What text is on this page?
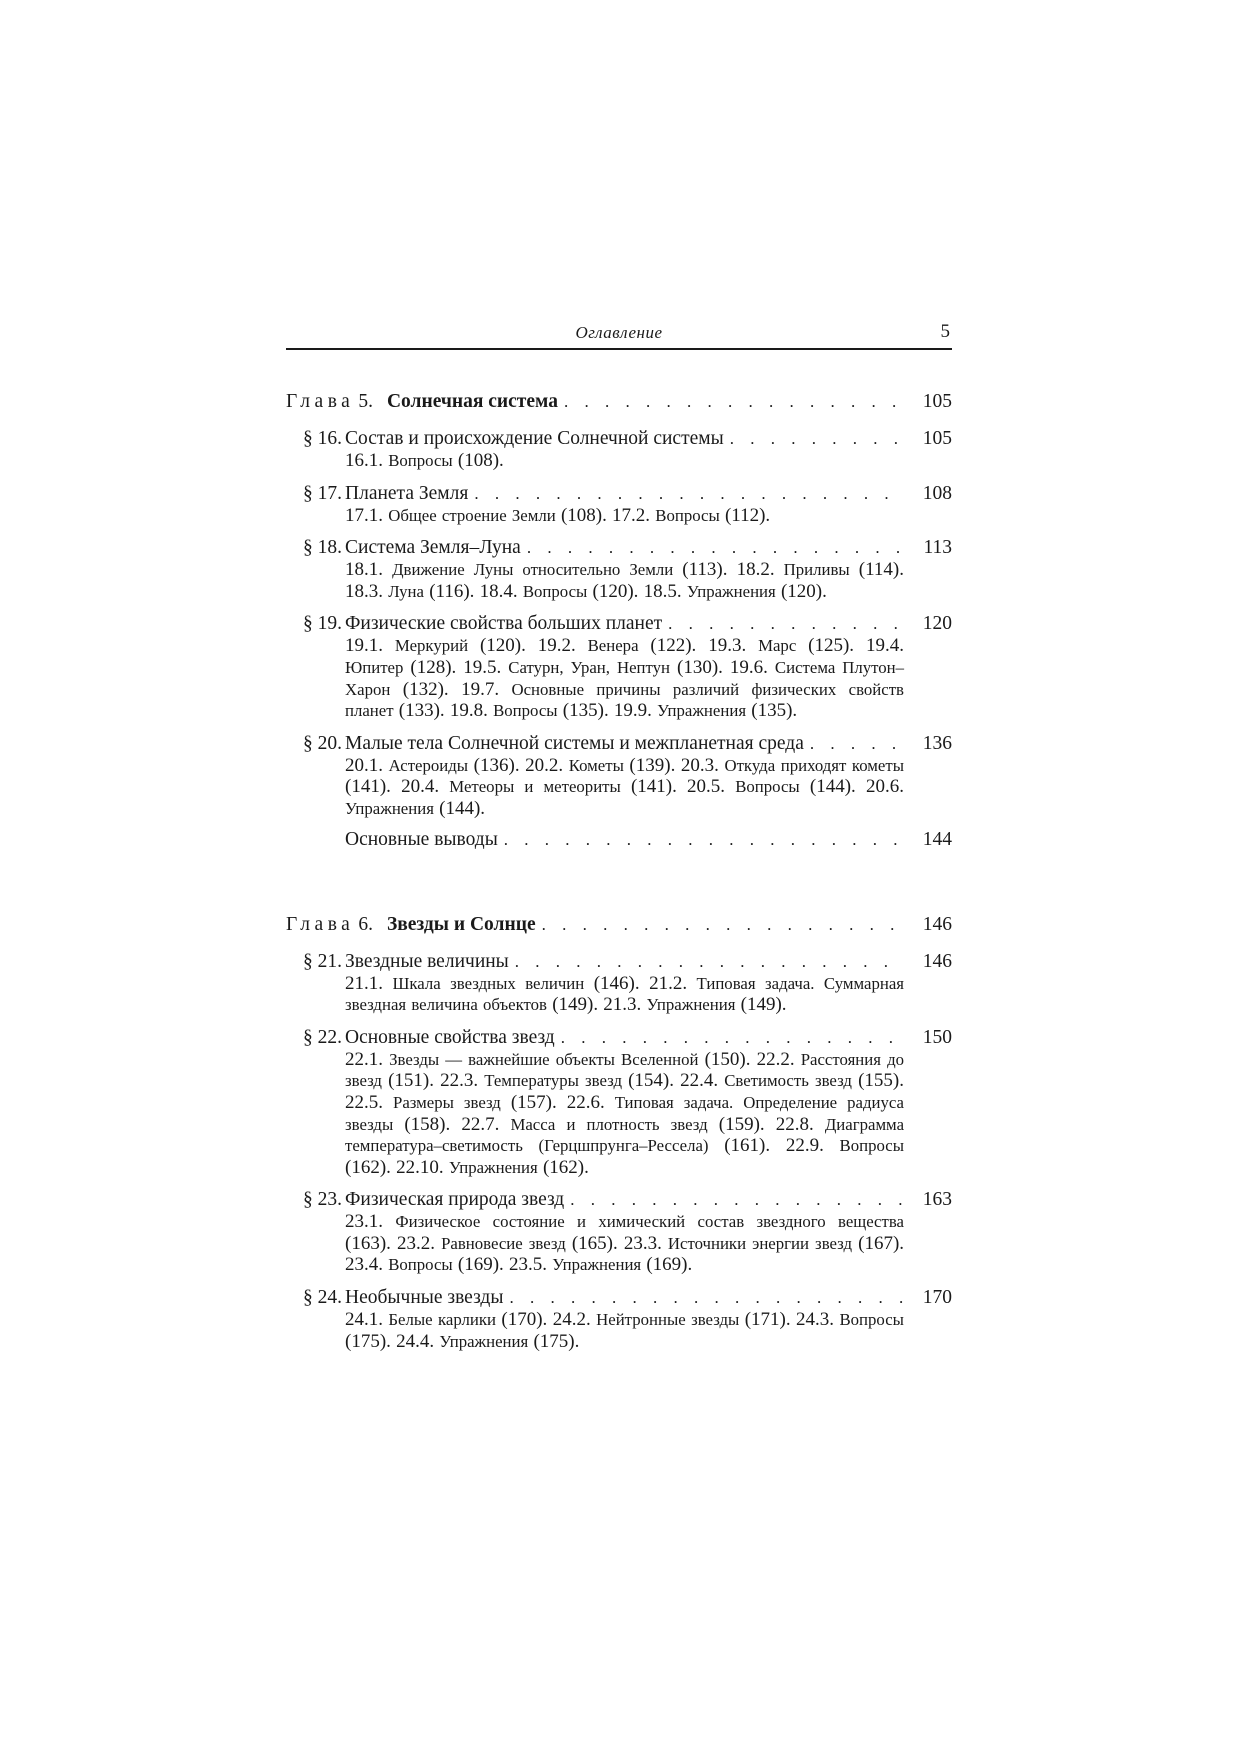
Оглавление	5
Глава 5. Солнечная система . . .	105
§ 16. Состав и происхождение Солнечной системы . . .	105
16.1. Вопросы (108).
§ 17. Планета Земля . . .	108
17.1. Общее строение Земли (108). 17.2. Вопросы (112).
§ 18. Система Земля–Луна . . .	113
18.1. Движение Луны относительно Земли (113). 18.2. Приливы (114). 18.3. Луна (116). 18.4. Вопросы (120). 18.5. Упражнения (120).
§ 19. Физические свойства больших планет . . .	120
19.1. Меркурий (120). 19.2. Венера (122). 19.3. Марс (125). 19.4. Юпитер (128). 19.5. Сатурн, Уран, Нептун (130). 19.6. Система Плутон–Харон (132). 19.7. Основные причины различий физических свойств планет (133). 19.8. Вопросы (135). 19.9. Упражнения (135).
§ 20. Малые тела Солнечной системы и межпланетная среда . . .	136
20.1. Астероиды (136). 20.2. Кометы (139). 20.3. Откуда приходят кометы (141). 20.4. Метеоры и метеориты (141). 20.5. Вопросы (144). 20.6. Упражнения (144).
Основные выводы . . .	144
Глава 6. Звезды и Солнце . . .	146
§ 21. Звездные величины . . .	146
21.1. Шкала звездных величин (146). 21.2. Типовая задача. Суммарная звездная величина объектов (149). 21.3. Упражнения (149).
§ 22. Основные свойства звезд . . .	150
22.1. Звезды — важнейшие объекты Вселенной (150). 22.2. Расстояния до звезд (151). 22.3. Температуры звезд (154). 22.4. Светимость звезд (155). 22.5. Размеры звезд (157). 22.6. Типовая задача. Определение радиуса звезды (158). 22.7. Масса и плотность звезд (159). 22.8. Диаграмма температура–светимость (Герцшпрунга–Рессела) (161). 22.9. Вопросы (162). 22.10. Упражнения (162).
§ 23. Физическая природа звезд . . .	163
23.1. Физическое состояние и химический состав звездного вещества (163). 23.2. Равновесие звезд (165). 23.3. Источники энергии звезд (167). 23.4. Вопросы (169). 23.5. Упражнения (169).
§ 24. Необычные звезды . . .	170
24.1. Белые карлики (170). 24.2. Нейтронные звезды (171). 24.3. Вопросы (175). 24.4. Упражнения (175).
